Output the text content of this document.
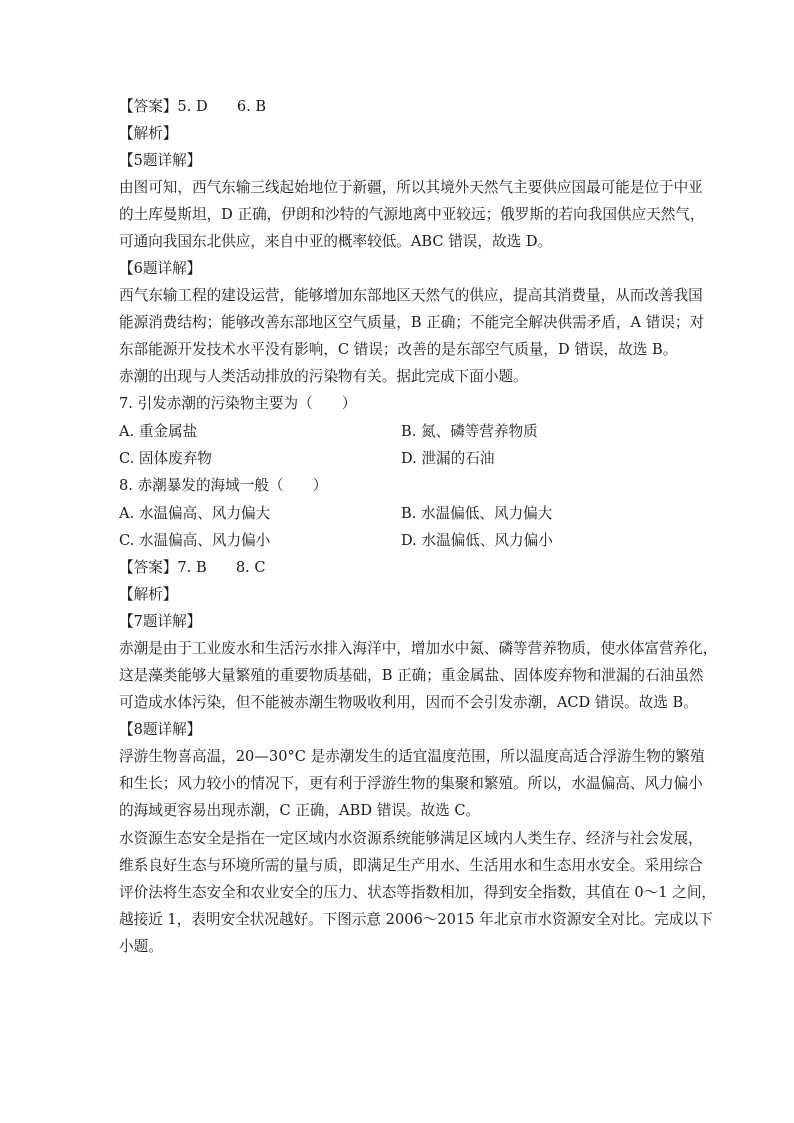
【答案】5. D　　6. B
【解析】
【5题详解】
由图可知，西气东输三线起始地位于新疆，所以其境外天然气主要供应国最可能是位于中亚
的土库曼斯坦，D 正确，伊朗和沙特的气源地离中亚较远；俄罗斯的若向我国供应天然气，
可通向我国东北供应，来自中亚的概率较低。ABC 错误，故选 D。
【6题详解】
西气东输工程的建设运营，能够增加东部地区天然气的供应，提高其消费量，从而改善我国
能源消费结构；能够改善东部地区空气质量，B 正确；不能完全解决供需矛盾，A 错误；对
东部能源开发技术水平没有影响，C 错误；改善的是东部空气质量，D 错误，故选 B。
赤潮的出现与人类活动排放的污染物有关。据此完成下面小题。
7. 引发赤潮的污染物主要为（　　）
A. 重金属盐	B. 氮、磷等营养物质
C. 固体废弃物	D. 泄漏的石油
8. 赤潮暴发的海域一般（　　）
A. 水温偏高、风力偏大	B. 水温偏低、风力偏大
C. 水温偏高、风力偏小	D. 水温偏低、风力偏小
【答案】7. B　　8. C
【解析】
【7题详解】
赤潮是由于工业废水和生活污水排入海洋中，增加水中氮、磷等营养物质，使水体富营养化，
这是藻类能够大量繁殖的重要物质基础，B 正确；重金属盐、固体废弃物和泄漏的石油虽然
可造成水体污染，但不能被赤潮生物吸收利用，因而不会引发赤潮，ACD 错误。故选 B。
【8题详解】
浮游生物喜高温，20—30°C 是赤潮发生的适宜温度范围，所以温度高适合浮游生物的繁殖
和生长；风力较小的情况下，更有利于浮游生物的集聚和繁殖。所以，水温偏高、风力偏小
的海域更容易出现赤潮，C 正确，ABD 错误。故选 C。
水资源生态安全是指在一定区域内水资源系统能够满足区域内人类生存、经济与社会发展，
维系良好生态与环境所需的量与质，即满足生产用水、生活用水和生态用水安全。采用综合
评价法将生态安全和农业安全的压力、状态等指数相加，得到安全指数，其值在 0～1 之间，
越接近 1，表明安全状况越好。下图示意 2006～2015 年北京市水资源安全对比。完成以下
小题。
